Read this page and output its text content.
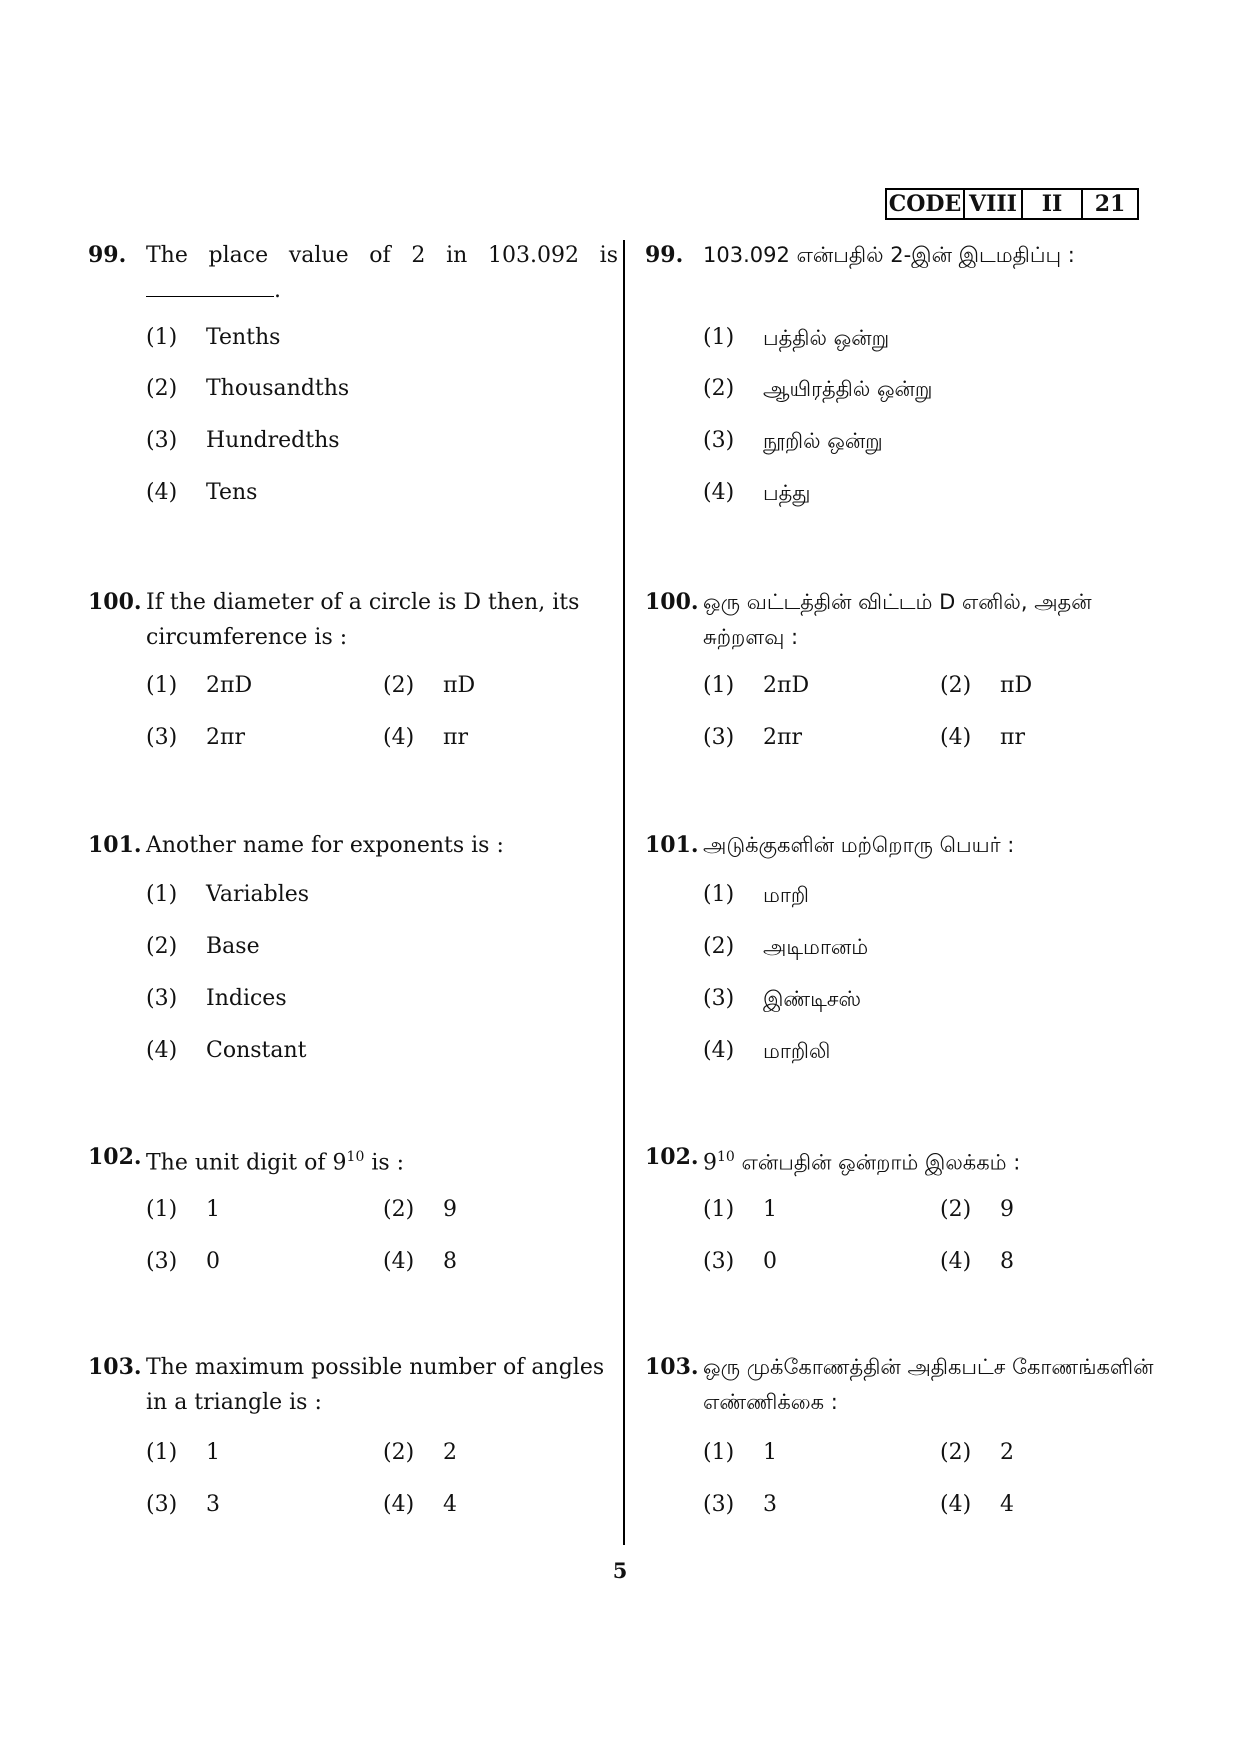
CODE VIII	II	21
99. The place value of 2 in 103.092 is
.
(1)	Tenths
(2)	Thousandths
(3)	Hundredths
(4)	Tens
100. If the diameter of a circle is D then, its circumference is :
(1)	2πD	(2)	πD
(3)	2πr	(4)	πr
101. Another name for exponents is :
(1)	Variables
(2)	Base
(3)	Indices
(4)	Constant
102. The unit digit of $9^{10}$ is :
(1)	1	(2)	9
(3)	0	(4)	8
103. The maximum possible number of angles in a triangle is :
(1)	1	(2)	2
(3)	3	(4)	4
99. 103.092 என்பதில் 2-இன் இடமதிப்பு :
(1)	பத்தில் ஒன்று
(2)	ஆயிரத்தில் ஒன்று
(3)	நூறில் ஒன்று
(4)	பத்து
100. ஒரு வட்டத்தின் விட்டம் D எனில், அதன் சுற்றளவு :
(1)	2πD	(2)	πD
(3)	2πr	(4)	πr
101. அடுக்குகளின் மற்றொரு பெயர் :
(1)	மாறி
(2)	அடிமானம்
(3)	இண்டிசஸ்
(4)	மாறிலி
102. $9^{10}$ என்பதின் ஒன்றாம் இலக்கம் :
(1)	1	(2)	9
(3)	0	(4)	8
103. ஒரு முக்கோணத்தின் அதிகபட்ச கோணங்களின் எண்ணிக்கை :
(1)	1	(2)	2
(3)	3	(4)	4
5
